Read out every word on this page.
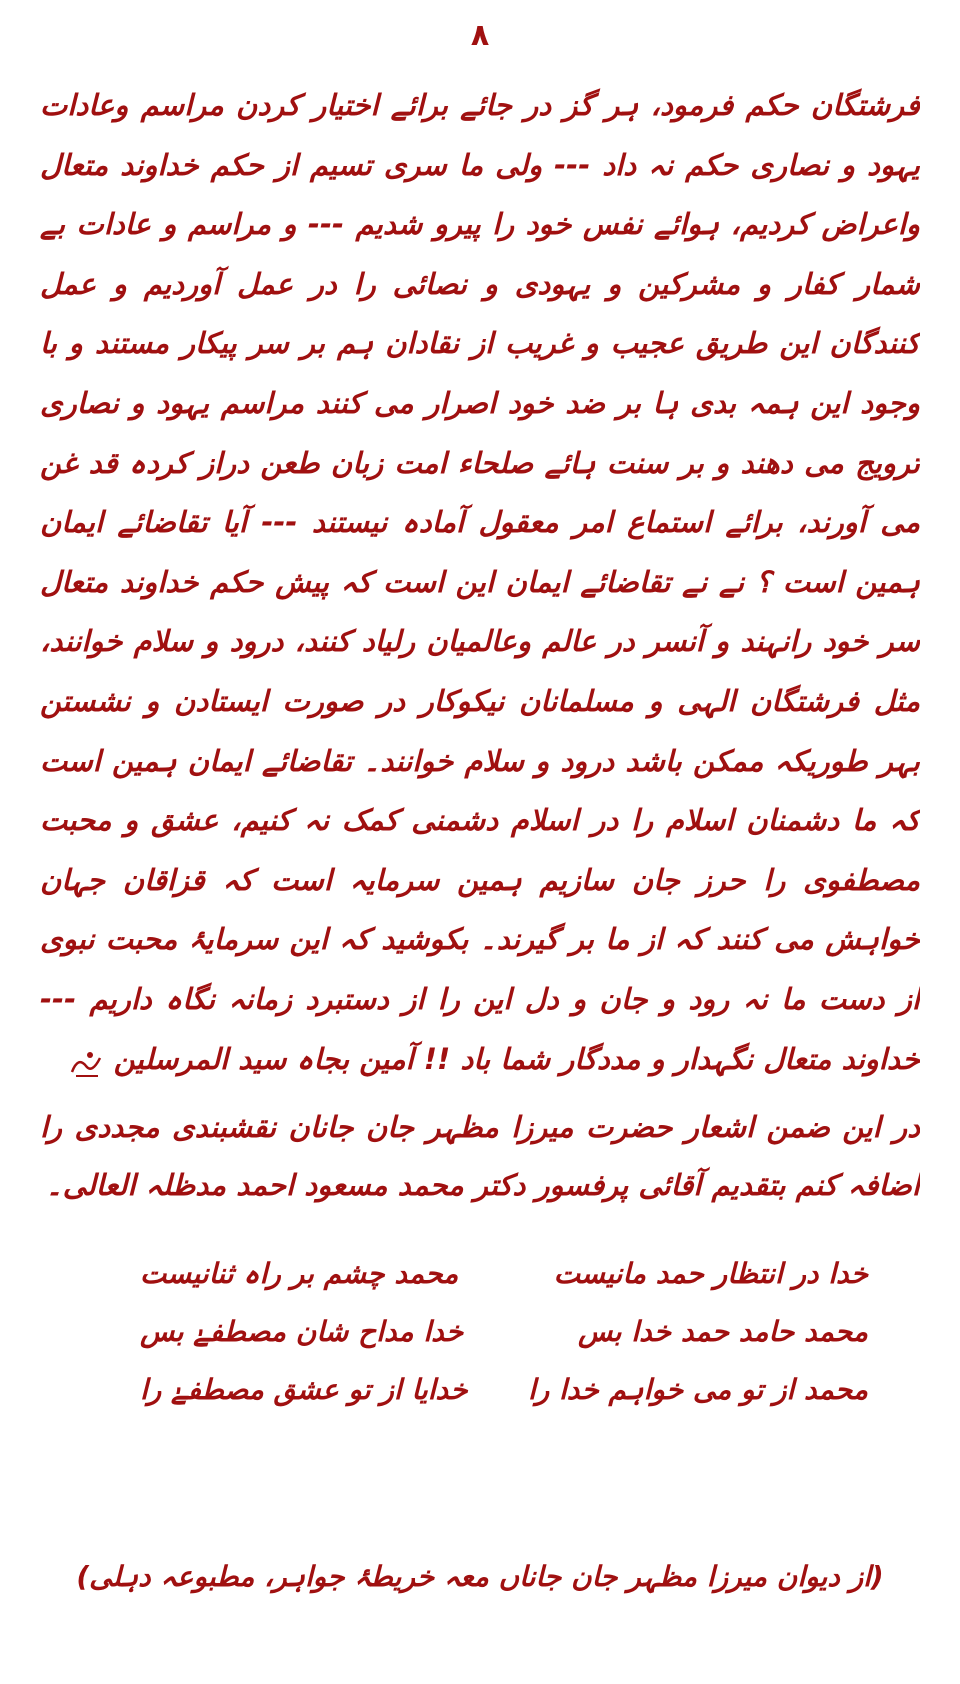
۸

فرشتگان حکم فرمود، ہر گز در جائے برائے اختیار کردن مراسم وعادات یہود و نصاری حکم نہ داد --- ولی ما سری تسیم از حکم خداوند متعال واعراض کردیم، ہوائے نفس خود را پیرو شدیم --- و مراسم و عادات بے شمار کفار و مشرکین و یہودی و نصائی را در عمل آوردیم و عمل کنندگان این طریق عجیب و غریب از نقادان ہم بر سر پیکار مستند و با وجود این ہمہ بدی ہا بر ضد خود اصرار می کنند مراسم یہود و نصاری ترویج می دھند و بر سنت ہائے صلحاء امت زبان طعن دراز کردہ قد غن می آورند، برائے استماع امر معقول آمادہ نیستند --- آیا تقاضائے ایمان ہمین است ؟ نے نے تقاضائے ایمان این است کہ پیش حکم خداوند متعال سر خود رانہند و آنسر در عالم وعالمیان رلیاد کنند، درود و سلام خوانند، مثل فرشتگان الہی و مسلمانان نیکوکار در صورت ایستادن و نشستن بہر طوریکہ ممکن باشد درود و سلام خوانند۔ تقاضائے ایمان ہمین است کہ ما دشمنان اسلام را در اسلام دشمنی کمک نہ کنیم، عشق و محبت مصطفوی را حرز جان سازیم ہمین سرمایہ است کہ قزاقان جہان خواہش می کنند کہ از ما بر گیرند۔ بکوشید کہ این سرمایۂ محبت نبوی از دست ما نہ رود و جان و دل این را از دستبرد زمانہ نگاہ داریم --- خداوند متعال نگہدار و مددگار شما باد !! آمین بجاہ سید المرسلین

در این ضمن اشعار حضرت میرزا مظہر جان جانان نقشبندی مجددی را اضافہ کنم بتقدیم آقائی پرفسور دکتر محمد مسعود احمد مدظلہ العالی۔

خدا در انتظار حمد مانیست
محمد چشم بر راہ ثنانیست
محمد حامد حمد خدا بس
خدا مداح شان مصطفےٰ بس
محمد از تو می خواہم خدا را
خدایا از تو عشق مصطفےٰ را
(از دیوان میرزا مظہر جان جاناں معہ خریطۂ جواہر، مطبوعہ دہلی)
